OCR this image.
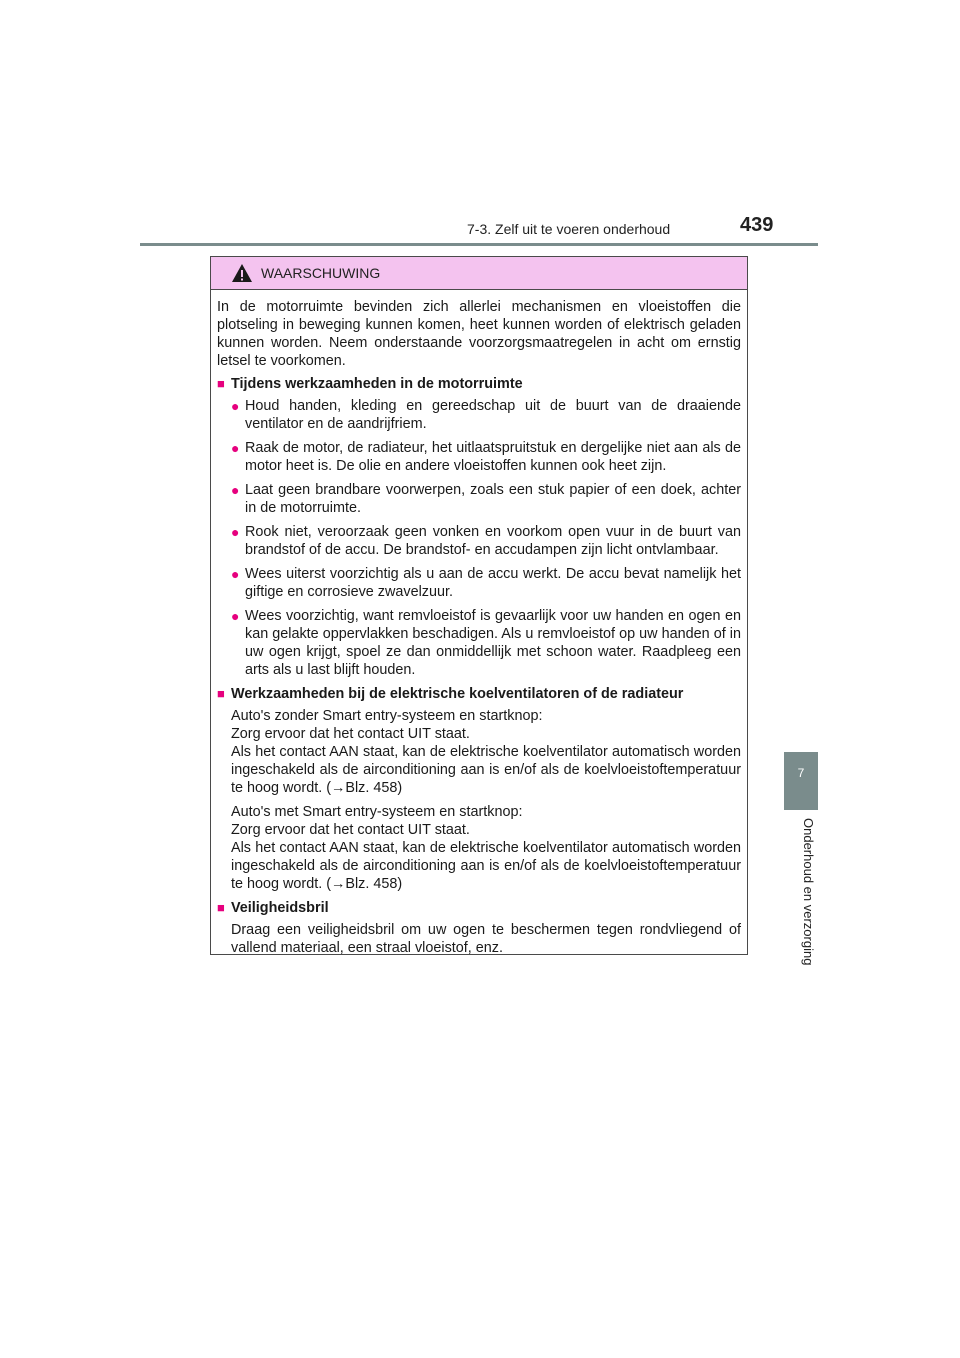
7-3. Zelf uit te voeren onderhoud	439
7
Onderhoud en verzorging
WAARSCHUWING

In de motorruimte bevinden zich allerlei mechanismen en vloeistoffen die plotseling in beweging kunnen komen, heet kunnen worden of elektrisch geladen kunnen worden. Neem onderstaande voorzorgsmaatregelen in acht om ernstig letsel te voorkomen.

■ Tijdens werkzaamheden in de motorruimte
● Houd handen, kleding en gereedschap uit de buurt van de draaiende ventilator en de aandrijfriem.
● Raak de motor, de radiateur, het uitlaatspruitstuk en dergelijke niet aan als de motor heet is. De olie en andere vloeistoffen kunnen ook heet zijn.
● Laat geen brandbare voorwerpen, zoals een stuk papier of een doek, achter in de motorruimte.
● Rook niet, veroorzaak geen vonken en voorkom open vuur in de buurt van brandstof of de accu. De brandstof- en accudampen zijn licht ontvlambaar.
● Wees uiterst voorzichtig als u aan de accu werkt. De accu bevat namelijk het giftige en corrosieve zwavelzuur.
● Wees voorzichtig, want remvloeistof is gevaarlijk voor uw handen en ogen en kan gelakte oppervlakken beschadigen. Als u remvloeistof op uw handen of in uw ogen krijgt, spoel ze dan onmiddellijk met schoon water. Raadpleeg een arts als u last blijft houden.
■ Werkzaamheden bij de elektrische koelventilatoren of de radiateur
Auto's zonder Smart entry-systeem en startknop:
Zorg ervoor dat het contact UIT staat.
Als het contact AAN staat, kan de elektrische koelventilator automatisch worden ingeschakeld als de airconditioning aan is en/of als de koelvloeistoftemperatuur te hoog wordt. (→Blz. 458)
Auto's met Smart entry-systeem en startknop:
Zorg ervoor dat het contact UIT staat.
Als het contact AAN staat, kan de elektrische koelventilator automatisch worden ingeschakeld als de airconditioning aan is en/of als de koelvloeistoftemperatuur te hoog wordt. (→Blz. 458)
■ Veiligheidsbril
Draag een veiligheidsbril om uw ogen te beschermen tegen rondvliegend of vallend materiaal, een straal vloeistof, enz.
